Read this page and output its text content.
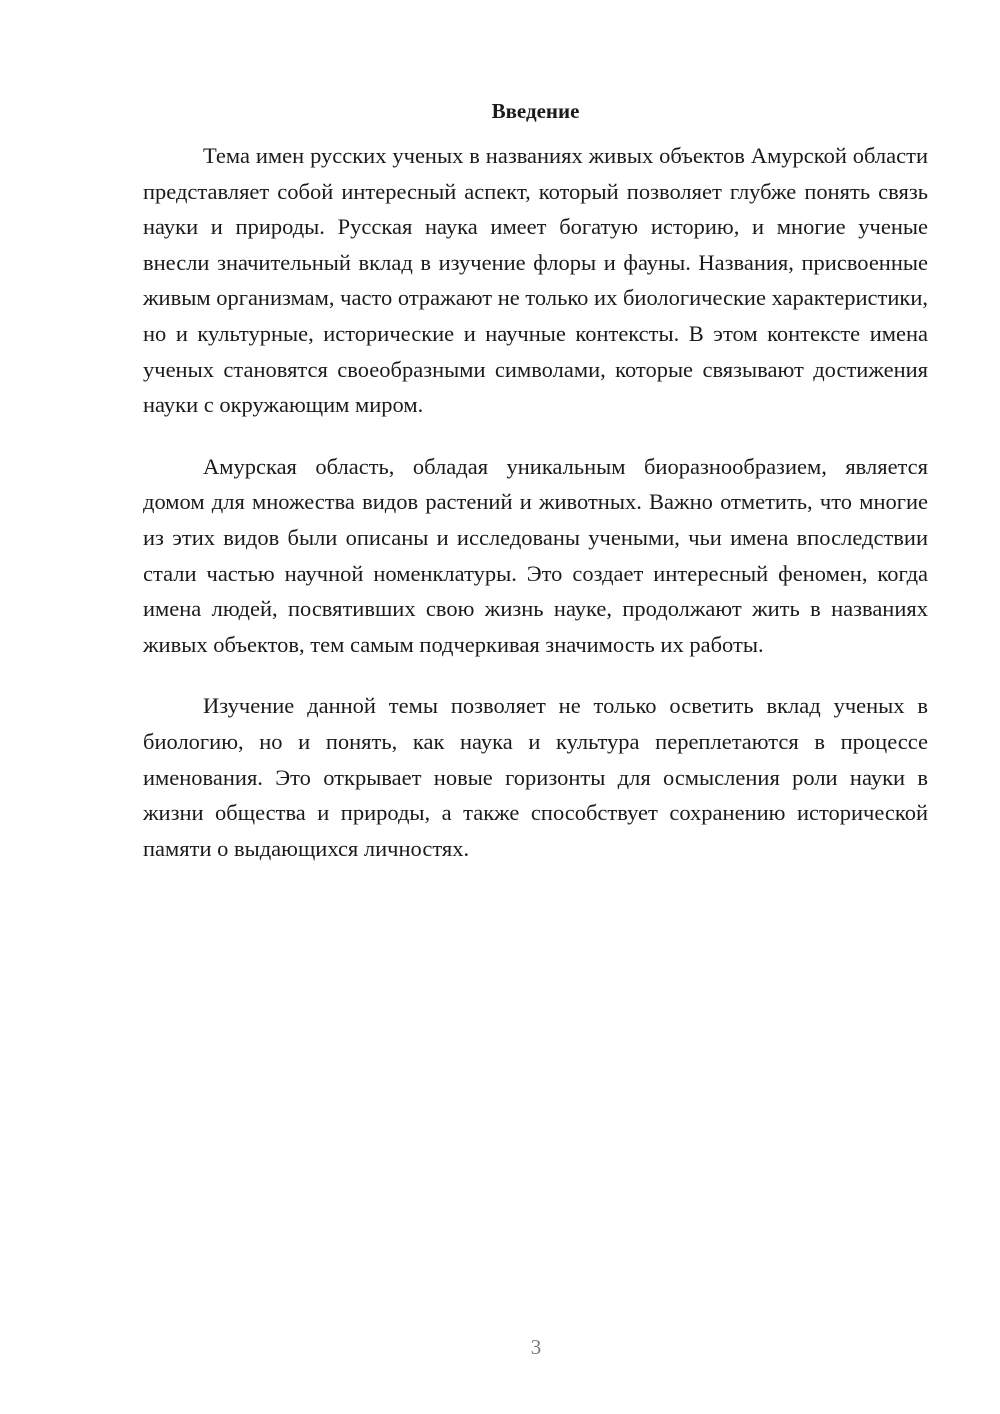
Введение

Тема имен русских ученых в названиях живых объектов Амурской области представляет собой интересный аспект, который позволяет глубже понять связь науки и природы. Русская наука имеет богатую историю, и многие ученые внесли значительный вклад в изучение флоры и фауны. Названия, присвоенные живым организмам, часто отражают не только их биологические характеристики, но и культурные, исторические и научные контексты. В этом контексте имена ученых становятся своеобразными символами, которые связывают достижения науки с окружающим миром.

Амурская область, обладая уникальным биоразнообразием, является домом для множества видов растений и животных. Важно отметить, что многие из этих видов были описаны и исследованы учеными, чьи имена впоследствии стали частью научной номенклатуры. Это создает интересный феномен, когда имена людей, посвятивших свою жизнь науке, продолжают жить в названиях живых объектов, тем самым подчеркивая значимость их работы.

Изучение данной темы позволяет не только осветить вклад ученых в биологию, но и понять, как наука и культура переплетаются в процессе именования. Это открывает новые горизонты для осмысления роли науки в жизни общества и природы, а также способствует сохранению исторической памяти о выдающихся личностях.

3
